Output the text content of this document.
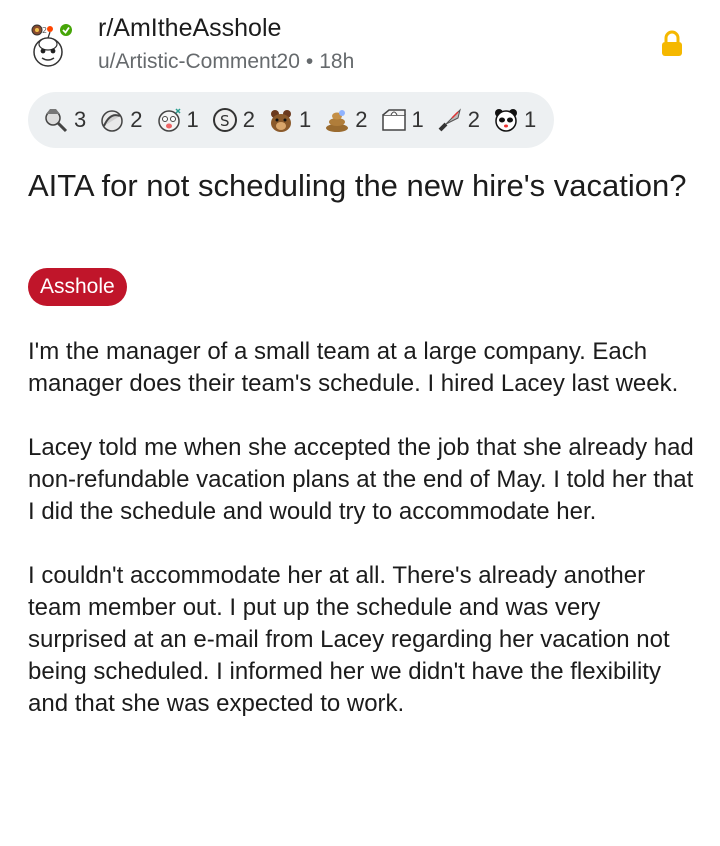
2 r/AmItheAsshole
u/Artistic-Comment20 • 18h
3 2 1 S 2 1 2 1 2 1
AITA for not scheduling the new hire's vacation?
Asshole

I'm the manager of a small team at a large company. Each manager does their team's schedule. I hired Lacey last week.

Lacey told me when she accepted the job that she already had non-refundable vacation plans at the end of May. I told her that I did the schedule and would try to accommodate her.

I couldn't accommodate her at all. There's already another team member out. I put up the schedule and was very surprised at an e-mail from Lacey regarding her vacation not being scheduled. I informed her we didn't have the flexibility and that she was expected to work.
